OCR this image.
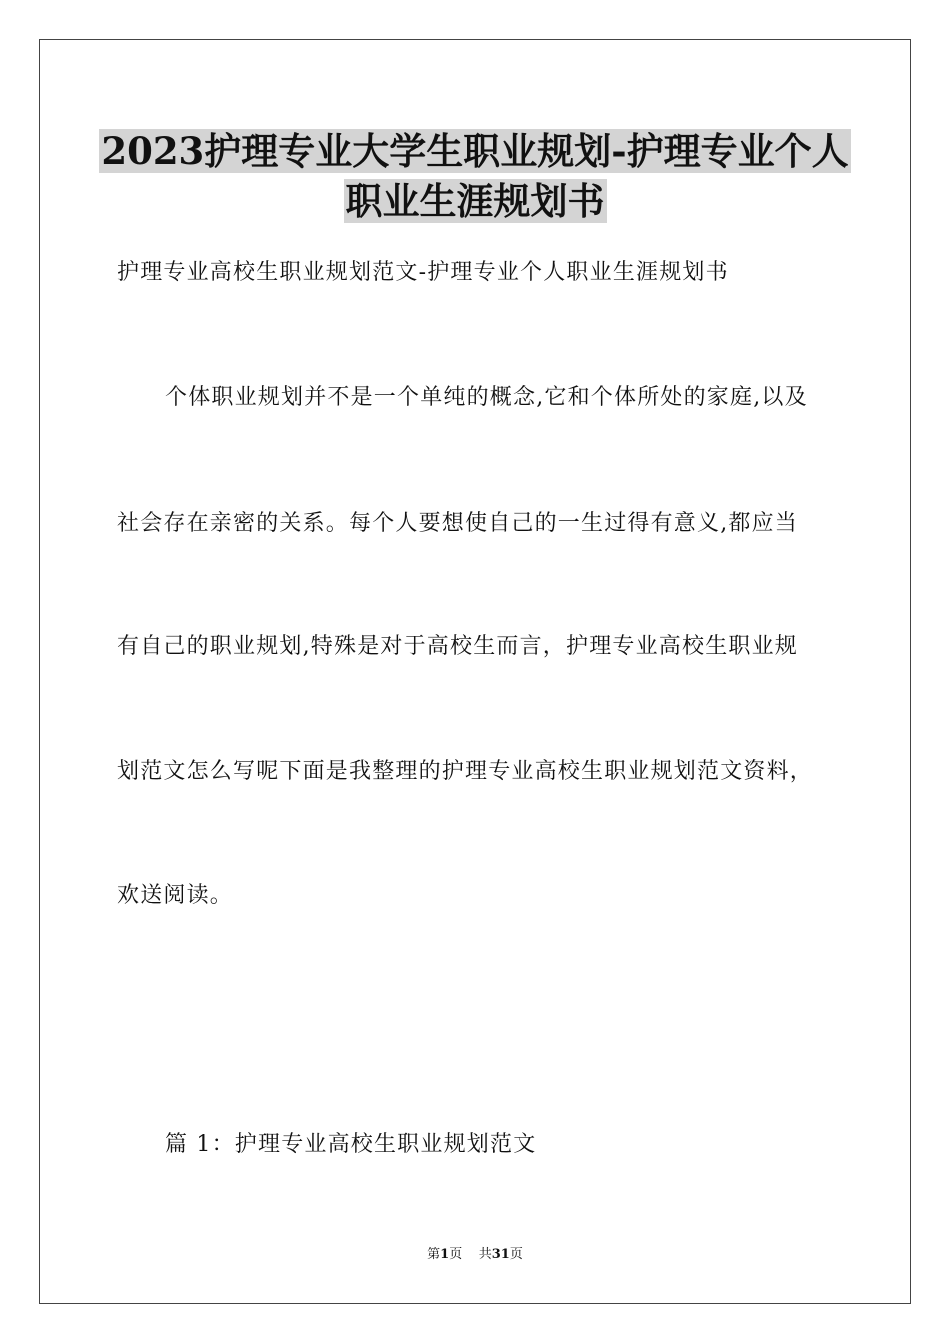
2023护理专业大学生职业规划-护理专业个人
职业生涯规划书

护理专业高校生职业规划范文-护理专业个人职业生涯规划书

个体职业规划并不是一个单纯的概念,它和个体所处的家庭,以及

社会存在亲密的关系。每个人要想使自己的一生过得有意义,都应当

有自己的职业规划,特殊是对于高校生而言，护理专业高校生职业规

划范文怎么写呢下面是我整理的护理专业高校生职业规划范文资料，

欢送阅读。

篇 1：护理专业高校生职业规划范文

第1页 共31页
